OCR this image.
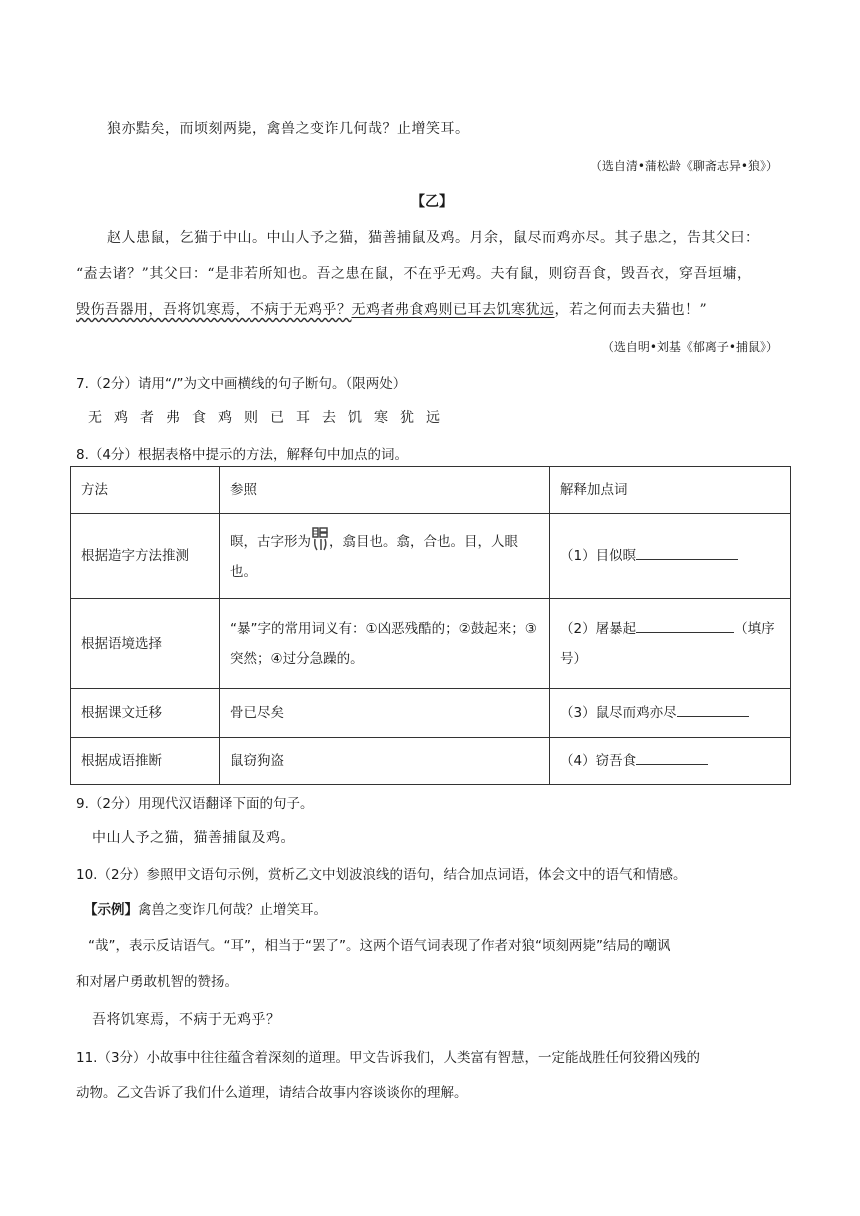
狼亦黠矣，而顷刻两毙，禽兽之变诈几何哉？止增笑耳。
（选自清•蒲松龄《聊斋志异•狼》）
【乙】
赵人患鼠，乞猫于中山。中山人予之猫，猫善捕鼠及鸡。月余，鼠尽而鸡亦尽。其子患之，告其父曰：
“盍去诸？”其父曰：“是非若所知也。吾之患在鼠，不在乎无鸡。夫有鼠，则窃吾食，毁吾衣，穿吾垣墉，
毁伤吾器用，吾将饥寒焉，不病于无鸡乎？无鸡者弗食鸡则已耳去饥寒犹远，若之何而去夫猫也！”
（选自明•刘基《郁离子•捕鼠》）
7.（2分）请用“/”为文中画横线的句子断句。（限两处）
无鸡者弗食鸡则已耳去饥寒犹远
8.（4分）根据表格中提示的方法，解释句中加点的词。
方法	参照	解释加点词
根据造字方法推测	暝，古字形为 ，翕目也。翕，合也。目，人眼也。	（1）目似暝
根据语境选择	“暴”字的常用词义有：①凶恶残酷的；②鼓起来；③突然；④过分急躁的。	（2）屠暴起 （填序号）
根据课文迁移	骨已尽矣	（3）鼠尽而鸡亦尽
根据成语推断	鼠窃狗盗	（4）窃吾食
9.（2分）用现代汉语翻译下面的句子。
中山人予之猫，猫善捕鼠及鸡。
10.（2分）参照甲文语句示例，赏析乙文中划波浪线的语句，结合加点词语，体会文中的语气和情感。
【示例】禽兽之变诈几何哉？止增笑耳。
“哉”，表示反诘语气。“耳”，相当于“罢了”。这两个语气词表现了作者对狼“顷刻两毙”结局的嘲讽
和对屠户勇敢机智的赞扬。
吾将饥寒焉，不病于无鸡乎？
11.（3分）小故事中往往蕴含着深刻的道理。甲文告诉我们，人类富有智慧，一定能战胜任何狡猾凶残的
动物。乙文告诉了我们什么道理，请结合故事内容谈谈你的理解。
